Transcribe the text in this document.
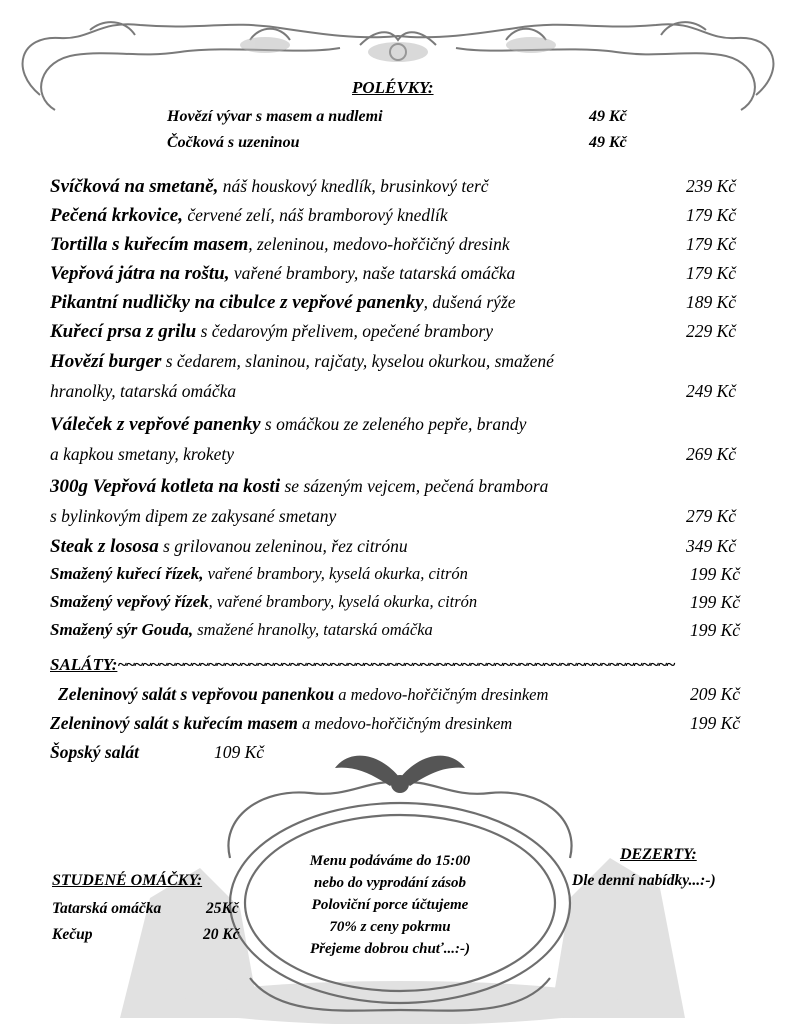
POLÉVKY:
Hovězí vývar s masem a nudlemi	49 Kč
Čočková s uzeninou	49 Kč
Svíčková na smetaně, náš houskový knedlík, brusinkový terč	239 Kč
Pečená krkovice, červené zelí, náš bramborový knedlík	179 Kč
Tortilla s kuřecím masem, zeleninou, medovo-hořčičný dresink	179 Kč
Vepřová játra na roštu, vařené brambory, naše tatarská omáčka	179 Kč
Pikantní nudličky na cibulce z vepřové panenky, dušená rýže	189 Kč
Kuřecí prsa z grilu s čedarovým přelivem, opečené brambory	229 Kč
Hovězí burger s čedarem, slaninou, rajčaty, kyselou okurkou, smažené
hranolky, tatarská omáčka	249 Kč
Váleček z vepřové panenky s omáčkou ze zeleného pepře, brandy
a kapkou smetany, krokety	269 Kč
300g Vepřová kotleta na kosti se sázeným vejcem, pečená brambora
s bylinkovým dipem ze zakysané smetany	279 Kč
Steak z lososa s grilovanou zeleninou, řez citrónu	349 Kč
Smažený kuřecí řízek, vařené brambory, kyselá okurka, citrón	199 Kč
Smažený vepřový řízek, vařené brambory, kyselá okurka, citrón	199 Kč
Smažený sýr Gouda, smažené hranolky, tatarská omáčka	199 Kč
SALÁTY:~~~~~~~~~~~~~~~~~~~~~~~~~~~~~~~~~~~~~~~~~~~~~~~~~~~~~~~~~~~~~~~~~~~~
Zeleninový salát s vepřovou panenkou a medovo-hořčičným dresinkem	209 Kč
Zeleninový salát s kuřecím masem a medovo-hořčičným dresinkem	199 Kč
Šopský salát	109 Kč
STUDENÉ OMÁČKY:
Tatarská omáčka	25Kč
Kečup	20 Kč
Menu podáváme do 15:00
nebo do vyprodání zásob
Poloviční porce účtujeme
70% z ceny pokrmu
Přejeme dobrou chuť...:-)
DEZERTY:
Dle denní nabídky...:-)
